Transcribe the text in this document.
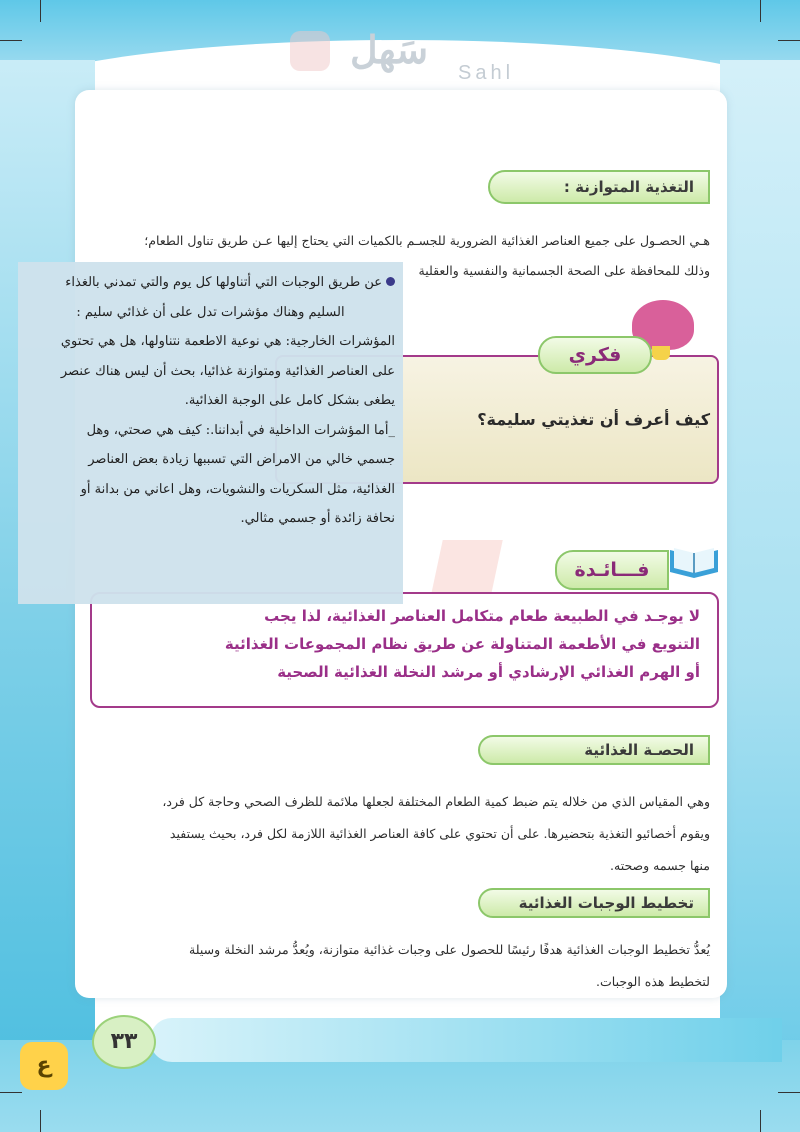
سَهل
Sahl
التغذية المتوازنة :
هـي الحصـول على جميع العناصر الغذائية الضرورية للجسـم بالكميات التي يحتاج إليها عـن طريق تناول الطعام؛
وذلك للمحافظة على الصحة الجسمانية والنفسية والعقلية
فكري
كيف أعرف أن تغذيتي سليمة؟
فـــائـدة
لا يوجـد في الطبيعة طعام متكامل العناصر الغذائية، لذا يجب
التنويع في الأطعمة المتناولة عن طريق نظام المجموعات الغذائية
أو الهرم الغذائي الإرشادي أو مرشد النخلة الغذائية الصحية
عن طريق الوجبات التي أتناولها كل يوم والتي تمدني بالغذاء
السليم وهناك مؤشرات تدل على أن غذائي سليم :
المؤشرات الخارجية: هي نوعية الاطعمة نتناولها، هل هي تحتوي
على العناصر الغذائية ومتوازنة غذائيا، بحث أن ليس هناك عنصر
يطغى بشكل كامل على الوجبة الغذائية.
_أما المؤشرات الداخلية في أبداننا.: كيف هي صحتي، وهل
جسمي خالي من الامراض التي تسببها زيادة بعض العناصر
الغذائية، مثل السكريات والنشويات، وهل اعاني من بدانة أو
نحافة زائدة أو جسمي مثالي.
الحصـة الغذائية
وهي المقياس الذي من خلاله يتم ضبط كمية الطعام المختلفة لجعلها ملائمة للظرف الصحي وحاجة كل فرد،
ويقوم أخصائيو التغذية بتحضيرها. على أن تحتوي على كافة العناصر الغذائية اللازمة لكل فرد، بحيث يستفيد
منها جسمه وصحته.
تخطيط الوجبات الغذائية
يُعدُّ تخطيط الوجبات الغذائية هدفًا رئيسًا للحصول على وجبات غذائية متوازنة، ويُعدُّ مرشد النخلة وسيلة
لتخطيط هذه الوجبات.
٣٣
ع
